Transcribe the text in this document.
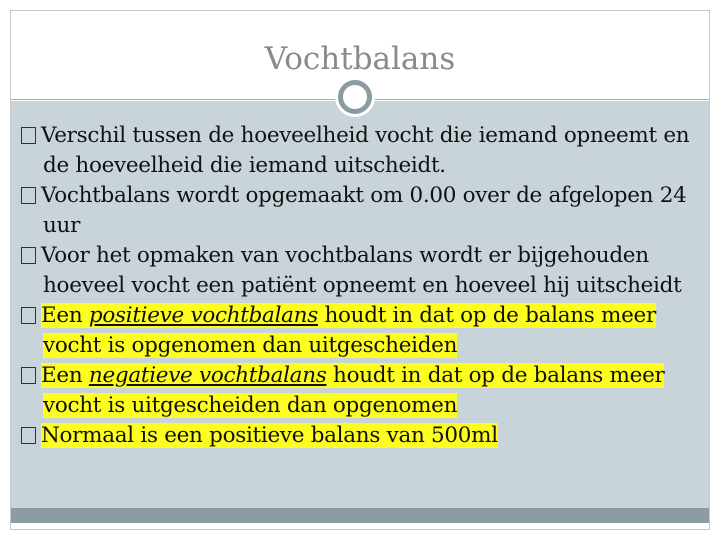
Vochtbalans
Verschil tussen de hoeveelheid vocht die iemand opneemt en de hoeveelheid die iemand uitscheidt.
Vochtbalans wordt opgemaakt om 0.00 over de afgelopen 24 uur
Voor het opmaken van vochtbalans wordt er bijgehouden hoeveel vocht een patiënt opneemt en hoeveel hij uitscheidt
Een positieve vochtbalans houdt in dat op de balans meer vocht is opgenomen dan uitgescheiden
Een negatieve vochtbalans houdt in dat op de balans meer vocht is uitgescheiden dan opgenomen
Normaal is een positieve balans van 500ml
